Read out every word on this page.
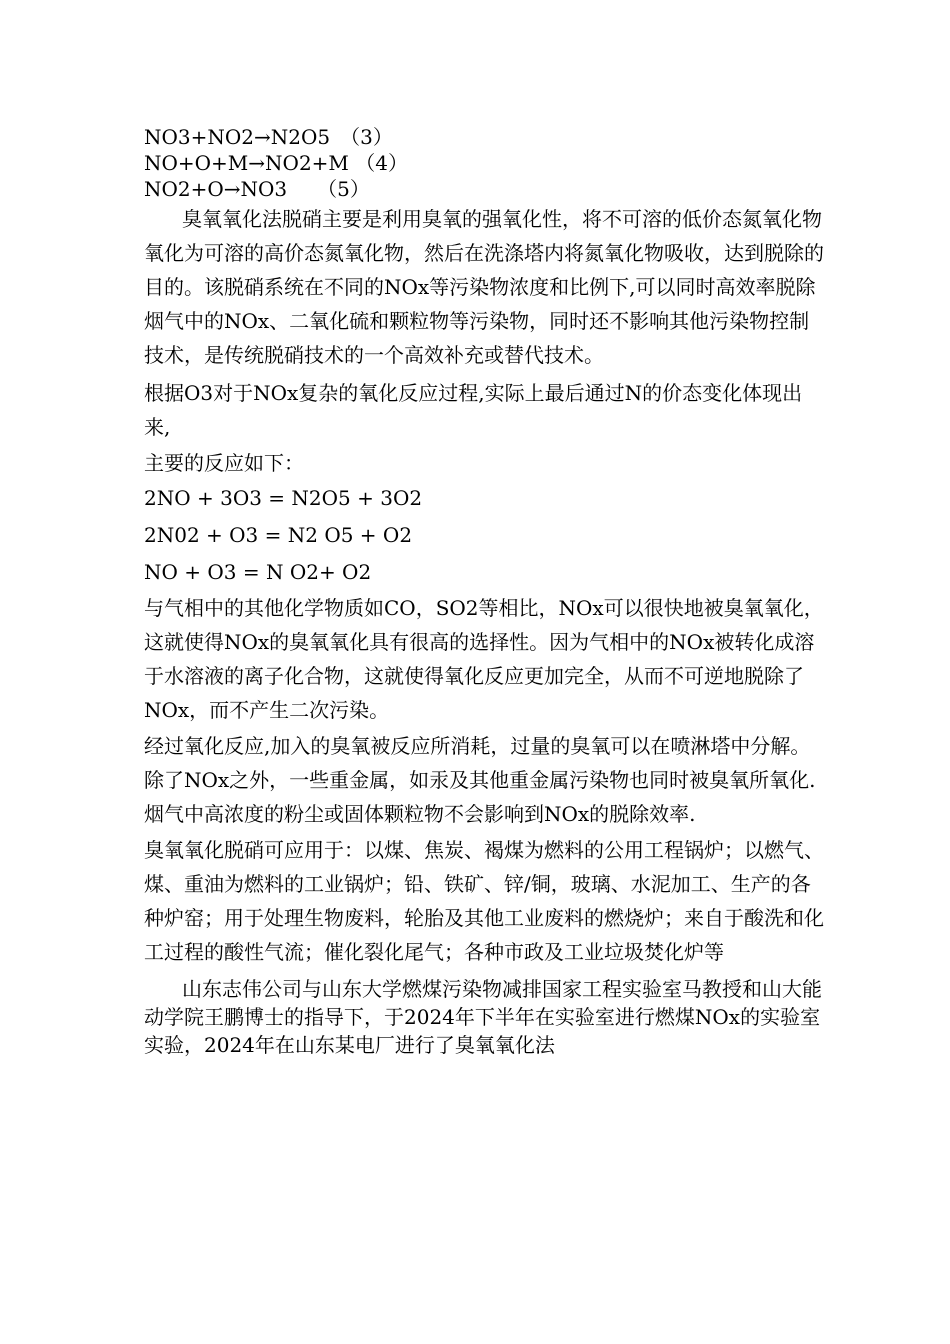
NO3+NO2→N2O5　（3）
NO+O+M→NO2+M （4）
NO2+O→NO3　　（5）

臭氧氧化法脱硝主要是利用臭氧的强氧化性，将不可溶的低价态氮氧化物氧化为可溶的高价态氮氧化物，然后在洗涤塔内将氮氧化物吸收，达到脱除的目的。该脱硝系统在不同的NOx等污染物浓度和比例下,可以同时高效率脱除烟气中的NOx、二氧化硫和颗粒物等污染物，同时还不影响其他污染物控制技术，是传统脱硝技术的一个高效补充或替代技术。

根据O3对于NOx复杂的氧化反应过程,实际上最后通过N的价态变化体现出来,

主要的反应如下：

2NO + 3O3 = N2O5 + 3O2

2N02 + O3 = N2 O5 + O2

NO + O3 = N O2+ O2

与气相中的其他化学物质如CO，SO2等相比，NOx可以很快地被臭氧氧化，这就使得NOx的臭氧氧化具有很高的选择性。因为气相中的NOx被转化成溶于水溶液的离子化合物，这就使得氧化反应更加完全，从而不可逆地脱除了NOx，而不产生二次污染。

经过氧化反应,加入的臭氧被反应所消耗，过量的臭氧可以在喷淋塔中分解。除了NOx之外，一些重金属，如汞及其他重金属污染物也同时被臭氧所氧化.烟气中高浓度的粉尘或固体颗粒物不会影响到NOx的脱除效率.

臭氧氧化脱硝可应用于：以煤、焦炭、褐煤为燃料的公用工程锅炉；以燃气、煤、重油为燃料的工业锅炉；铅、铁矿、锌/铜，玻璃、水泥加工、生产的各种炉窑；用于处理生物废料，轮胎及其他工业废料的燃烧炉；来自于酸洗和化工过程的酸性气流；催化裂化尾气；各种市政及工业垃圾焚化炉等

山东志伟公司与山东大学燃煤污染物减排国家工程实验室马教授和山大能动学院王鹏博士的指导下，于2024年下半年在实验室进行燃煤NOx的实验室实验，2024年在山东某电厂进行了臭氧氧化法
